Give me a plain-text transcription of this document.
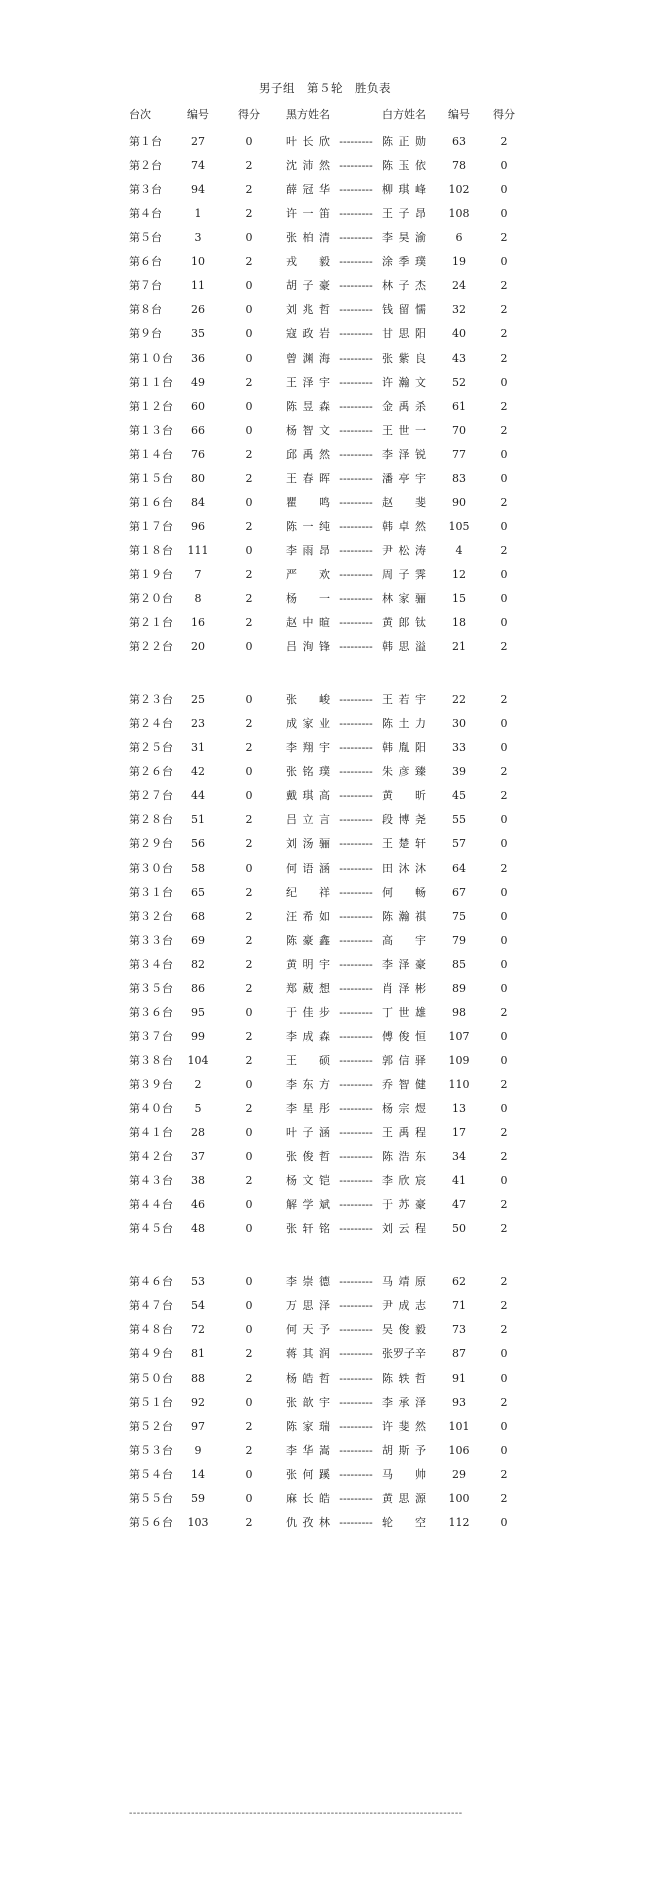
男子组　第５轮　胜负表
台次	编号	得分	黑方姓名	白方姓名	编号	得分
第１台	27	0	叶长欣 --------- 陈正勋	63	2
第２台	74	2	沈沛然 --------- 陈玉依	78	0
第３台	94	2	薛冠华 --------- 柳琪峰	102	0
第４台	1	2	许一笛 --------- 王子昂	108	0
第５台	3	0	张柏清 --------- 李昊渝	6	2
第６台	10	2	戎　毅 --------- 涂季璞	19	0
第７台	11	0	胡子豪 --------- 林子杰	24	2
第８台	26	0	刘兆哲 --------- 钱留懦	32	2
第９台	35	0	寇政岩 --------- 甘思阳	40	2
第１０台	36	0	曾渊海 --------- 张紫良	43	2
第１１台	49	2	王泽宇 --------- 许瀚文	52	0
第１２台	60	0	陈昱森 --------- 金禹杀	61	2
第１３台	66	0	杨智文 --------- 王世一	70	2
第１４台	76	2	邱禹然 --------- 李泽锐	77	0
第１５台	80	2	王春晖 --------- 潘亭宇	83	0
第１６台	84	0	瞿　鸣 --------- 赵　斐	90	2
第１７台	96	2	陈一纯 --------- 韩卓然	105	0
第１８台	111	0	李雨昂 --------- 尹松涛	4	2
第１９台	7	2	严　欢 --------- 周子霁	12	0
第２０台	8	2	杨　一 --------- 林家骊	15	0
第２１台	16	2	赵中暄 --------- 黄郎钛	18	0
第２２台	20	0	吕洵锋 --------- 韩思溢	21	2
第２３台	25	0	张　峻 --------- 王若宇	22	2
第２４台	23	2	成家业 --------- 陈土力	30	0
第２５台	31	2	李翔宇 --------- 韩胤阳	33	0
第２６台	42	0	张铭璞 --------- 朱彦臻	39	2
第２７台	44	0	戴琪高 --------- 黄　昕	45	2
第２８台	51	2	吕立言 --------- 段博尧	55	0
第２９台	56	2	刘汤骊 --------- 王楚轩	57	0
第３０台	58	0	何语涵 --------- 田沐沐	64	2
第３１台	65	2	纪　祥 --------- 何　畅	67	0
第３２台	68	2	汪希如 --------- 陈瀚祺	75	0
第３３台	69	2	陈豪鑫 --------- 高　宇	79	0
第３４台	82	2	黄明宇 --------- 李泽豪	85	0
第３５台	86	2	郑葳想 --------- 肖泽彬	89	0
第３６台	95	0	于佳步 --------- 丁世雄	98	2
第３７台	99	2	李成森 --------- 傅俊恒	107	0
第３８台	104	2	王　硕 --------- 郭信驿	109	0
第３９台	2	0	李东方 --------- 乔智健	110	2
第４０台	5	2	李星彤 --------- 杨宗煜	13	0
第４１台	28	0	叶子涵 --------- 王禹程	17	2
第４２台	37	0	张俊哲 --------- 陈浩东	34	2
第４３台	38	2	杨文铠 --------- 李欣宸	41	0
第４４台	46	0	解学斌 --------- 于苏豪	47	2
第４５台	48	0	张轩铭 --------- 刘云程	50	2
第４６台	53	0	李崇德 --------- 马靖原	62	2
第４７台	54	0	万思泽 --------- 尹成志	71	2
第４８台	72	0	何天予 --------- 吴俊毅	73	2
第４９台	81	2	蒋其润 --------- 张罗子辛	87	0
第５０台	88	2	杨皓哲 --------- 陈轶哲	91	0
第５１台	92	0	张歆宇 --------- 李承泽	93	2
第５２台	97	2	陈家瑞 --------- 许斐然	101	0
第５３台	9	2	李华嵩 --------- 胡斯予	106	0
第５４台	14	0	张何蹊 --------- 马　帅	29	2
第５５台	59	0	麻长皓 --------- 黄思源	100	2
第５６台	103	2	仇孜林 --------- 轮　空	112	0
--------------------------------------------------------------------------------------
